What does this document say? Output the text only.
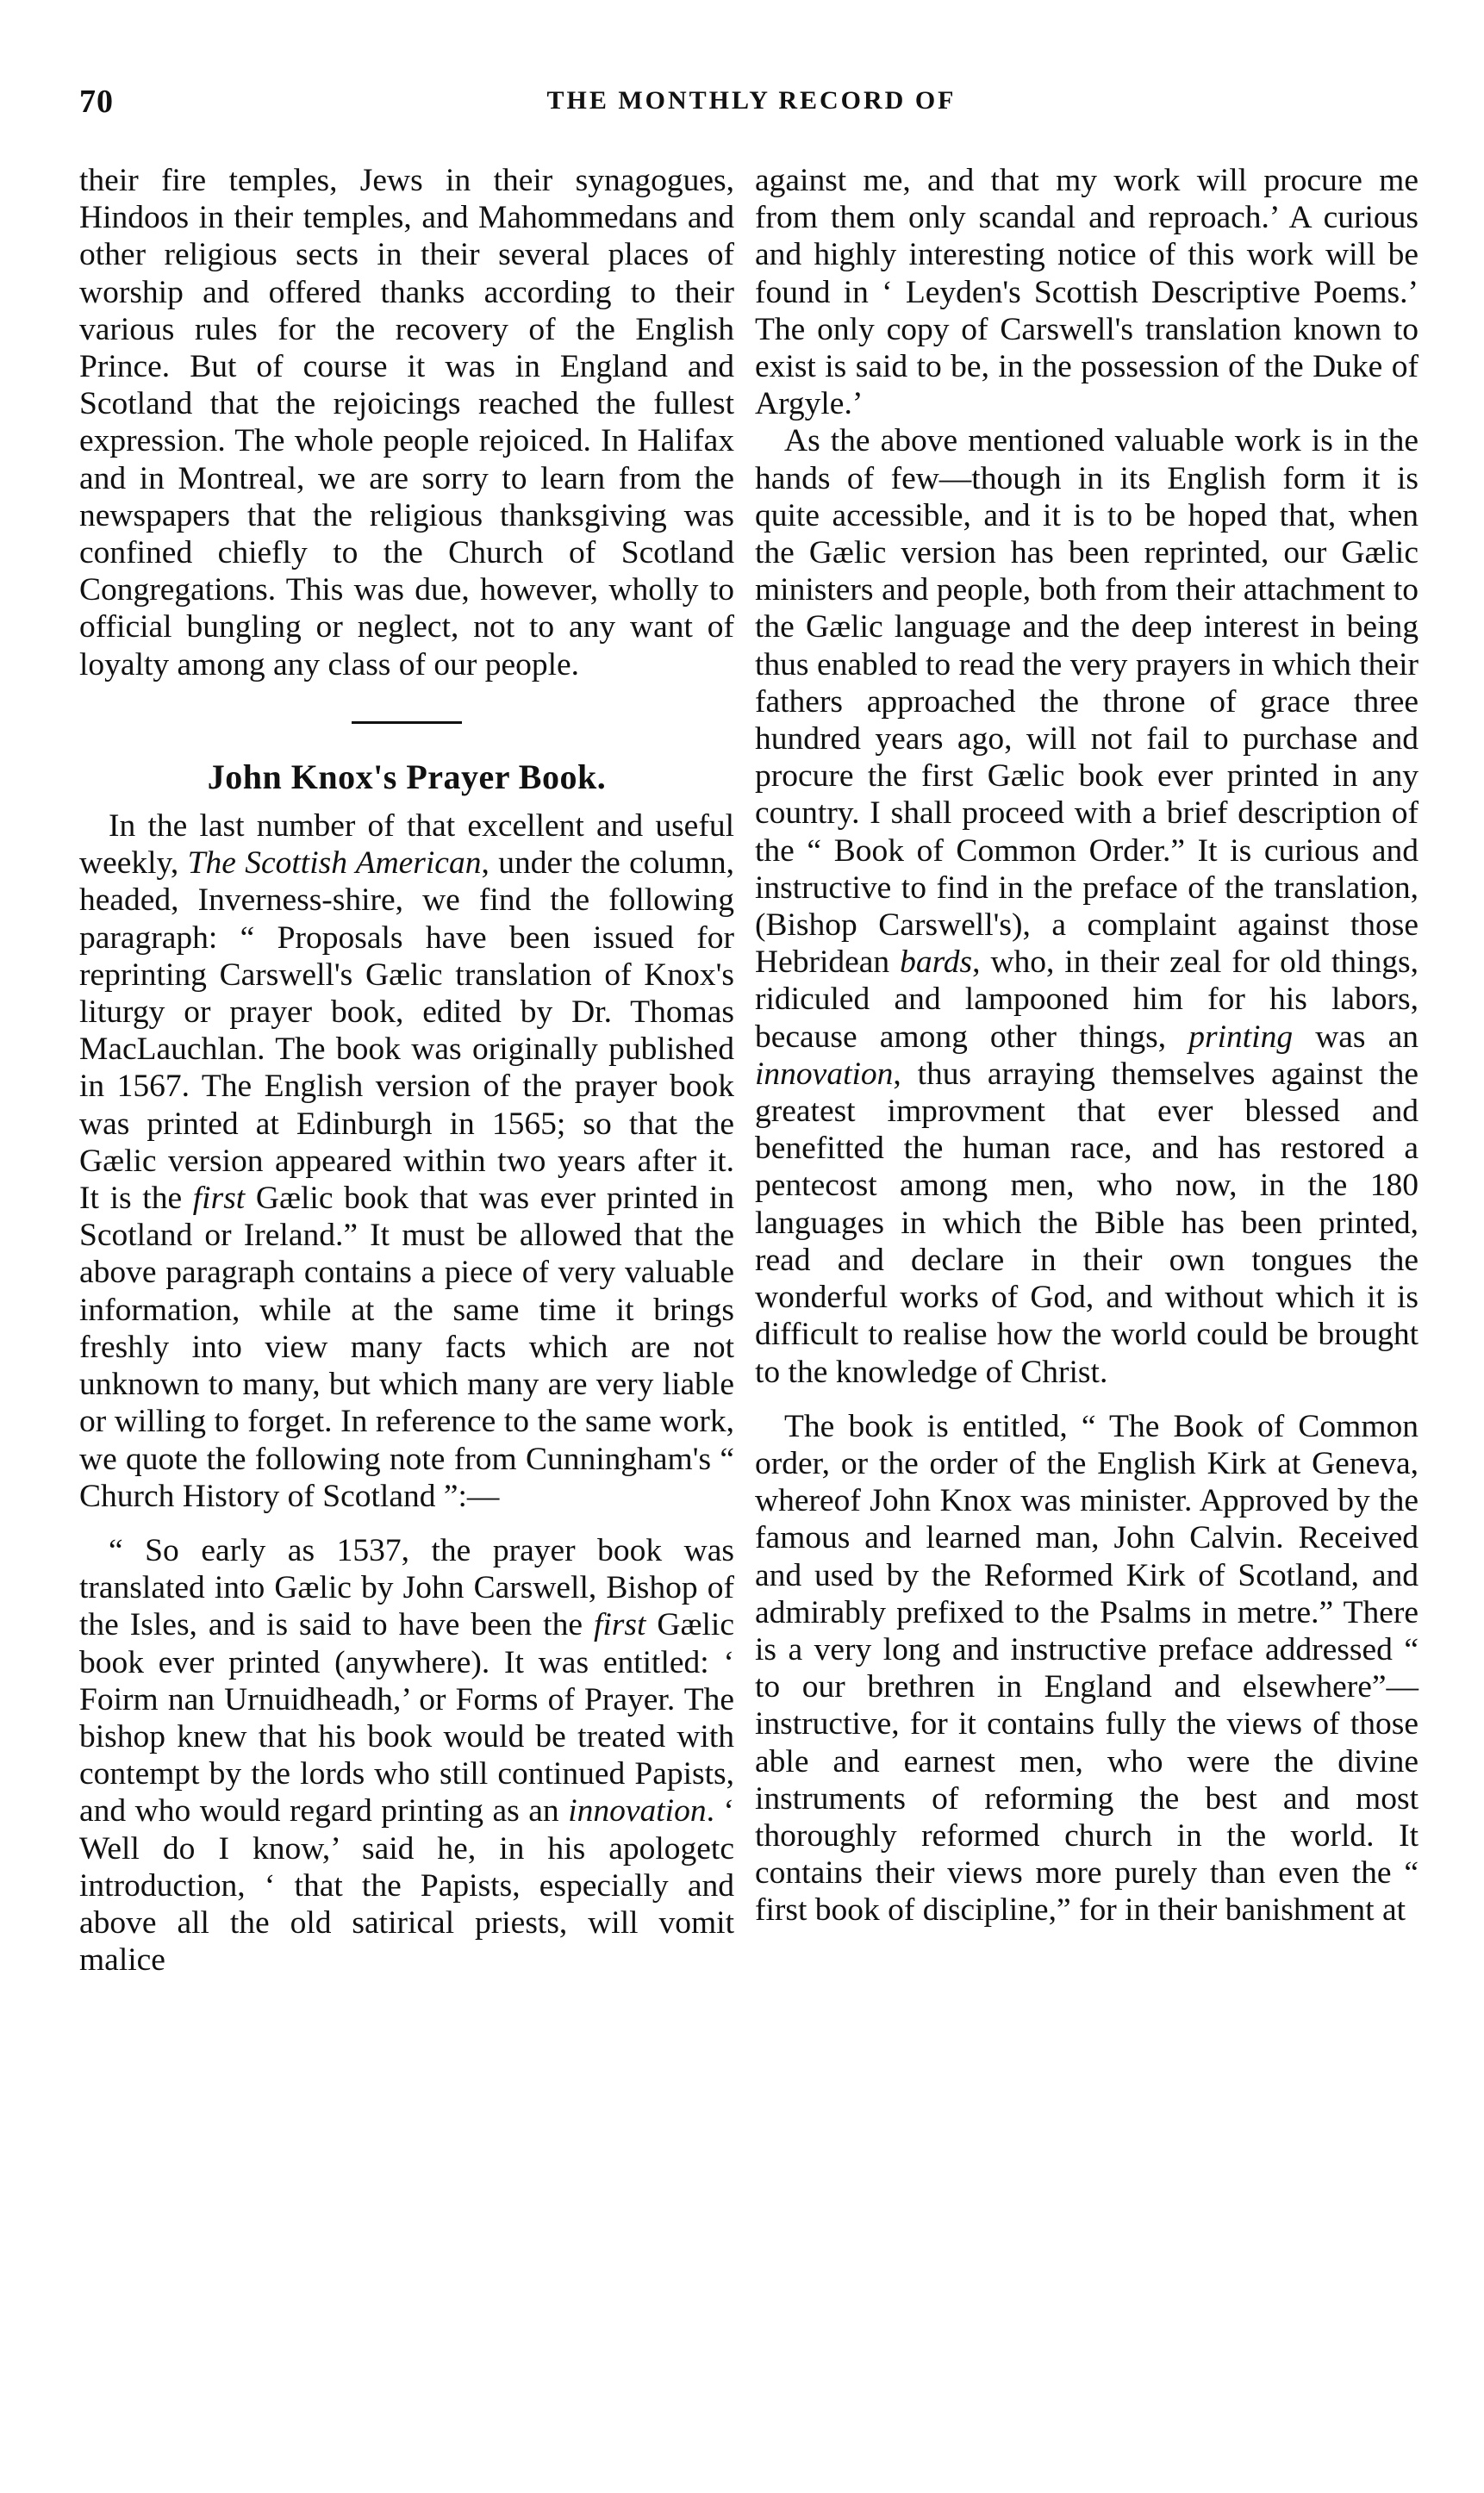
70	THE MONTHLY RECORD OF

their fire temples, Jews in their synagogues, Hindoos in their temples, and Mahommedans and other religious sects in their several places of worship and offered thanks according to their various rules for the recovery of the English Prince. But of course it was in England and Scotland that the rejoicings reached the fullest expression. The whole people rejoiced. In Halifax and in Montreal, we are sorry to learn from the newspapers that the religious thanksgiving was confined chiefly to the Church of Scotland Congregations. This was due, however, wholly to official bungling or neglect, not to any want of loyalty among any class of our people.

John Knox's Prayer Book.

In the last number of that excellent and useful weekly, The Scottish American, under the column, headed, Inverness-shire, we find the following paragraph: “ Proposals have been issued for reprinting Carswell's Gælic translation of Knox's liturgy or prayer book, edited by Dr. Thomas MacLauchlan. The book was originally published in 1567. The English version of the prayer book was printed at Edinburgh in 1565; so that the Gælic version appeared within two years after it. It is the first Gælic book that was ever printed in Scotland or Ireland.” It must be allowed that the above paragraph contains a piece of very valuable information, while at the same time it brings freshly into view many facts which are not unknown to many, but which many are very liable or willing to forget. In reference to the same work, we quote the following note from Cunningham's “ Church History of Scotland ”:—

“ So early as 1537, the prayer book was translated into Gælic by John Carswell, Bishop of the Isles, and is said to have been the first Gælic book ever printed (anywhere). It was entitled: ‘ Foirm nan Urnuidheadh,’ or Forms of Prayer. The bishop knew that his book would be treated with contempt by the lords who still continued Papists, and who would regard printing as an innovation. ‘ Well do I know,’ said he, in his apologetc introduction, ‘ that the Papists, especially and above all the old satirical priests, will vomit malice

against me, and that my work will procure me from them only scandal and reproach.’ A curious and highly interesting notice of this work will be found in ‘ Leyden's Scottish Descriptive Poems.’ The only copy of Carswell's translation known to exist is said to be, in the possession of the Duke of Argyle.’

As the above mentioned valuable work is in the hands of few—though in its English form it is quite accessible, and it is to be hoped that, when the Gælic version has been reprinted, our Gælic ministers and people, both from their attachment to the Gælic language and the deep interest in being thus enabled to read the very prayers in which their fathers approached the throne of grace three hundred years ago, will not fail to purchase and procure the first Gælic book ever printed in any country. I shall proceed with a brief description of the “ Book of Common Order.” It is curious and instructive to find in the preface of the translation, (Bishop Carswell's), a complaint against those Hebridean bards, who, in their zeal for old things, ridiculed and lampooned him for his labors, because among other things, printing was an innovation, thus arraying themselves against the greatest improvment that ever blessed and benefitted the human race, and has restored a pentecost among men, who now, in the 180 languages in which the Bible has been printed, read and declare in their own tongues the wonderful works of God, and without which it is difficult to realise how the world could be brought to the knowledge of Christ.

The book is entitled, “ The Book of Common order, or the order of the English Kirk at Geneva, whereof John Knox was minister. Approved by the famous and learned man, John Calvin. Received and used by the Reformed Kirk of Scotland, and admirably prefixed to the Psalms in metre.” There is a very long and instructive preface addressed “ to our brethren in England and elsewhere”—instructive, for it contains fully the views of those able and earnest men, who were the divine instruments of reforming the best and most thoroughly reformed church in the world. It contains their views more purely than even the “ first book of discipline,” for in their banishment at
